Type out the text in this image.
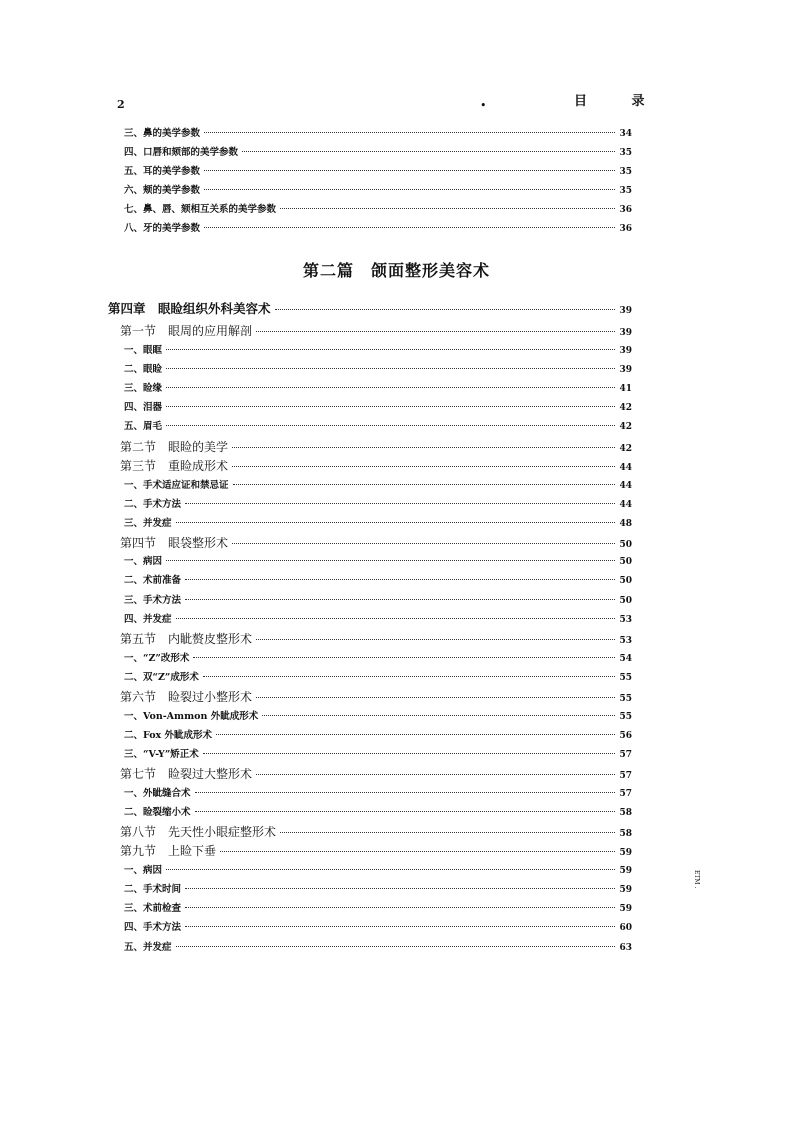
2	•	目 录
ETM .
第二篇　颌面整形美容术
三、鼻的美学参数	34
四、口唇和颏部的美学参数	35
五、耳的美学参数	35
六、颊的美学参数	35
七、鼻、唇、颏相互关系的美学参数	36
八、牙的美学参数	36
第四章　眼睑组织外科美容术	39
第一节　眼周的应用解剖	39
一、眼眶	39
二、眼睑	39
三、睑缘	41
四、泪器	42
五、眉毛	42
第二节　眼睑的美学	42
第三节　重睑成形术	44
一、手术适应证和禁忌证	44
二、手术方法	44
三、并发症	48
第四节　眼袋整形术	50
一、病因	50
二、术前准备	50
三、手术方法	50
四、并发症	53
第五节　内眦赘皮整形术	53
一、“Z”改形术	54
二、双“Z”成形术	55
第六节　睑裂过小整形术	55
一、Von-Ammon 外眦成形术	55
二、Fox 外眦成形术	56
三、“V-Y”矫正术	57
第七节　睑裂过大整形术	57
一、外眦缝合术	57
二、睑裂缩小术	58
第八节　先天性小眼症整形术	58
第九节　上睑下垂	59
一、病因	59
二、手术时间	59
三、术前检查	59
四、手术方法	60
五、并发症	63
